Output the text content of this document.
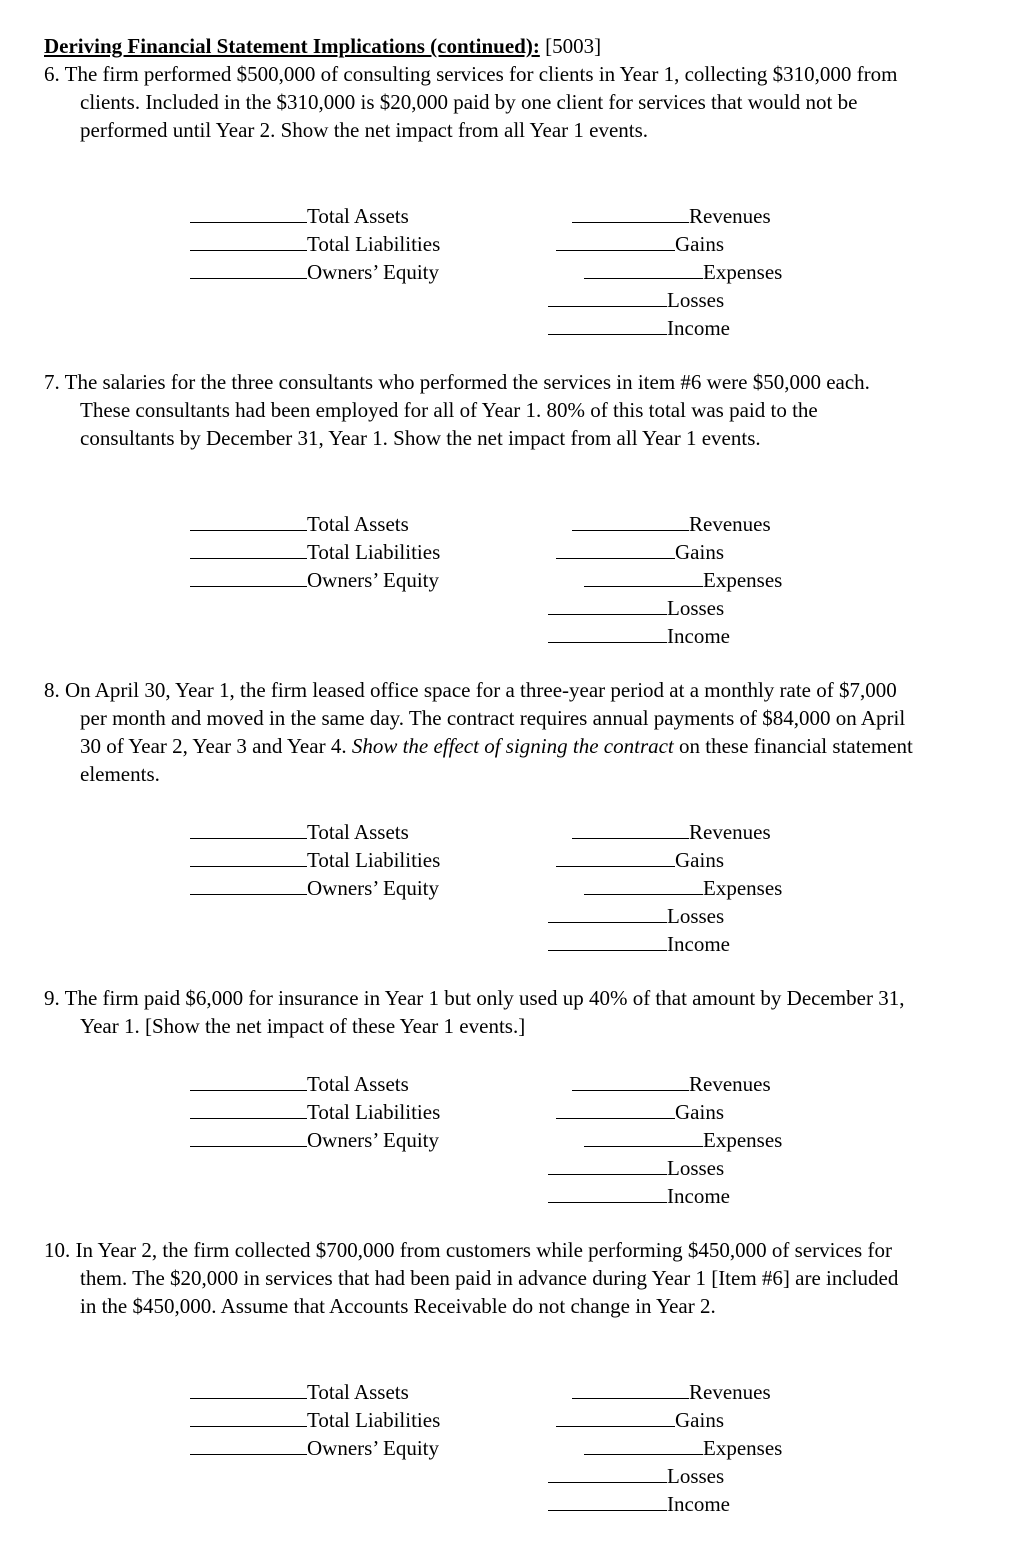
Deriving Financial Statement Implications (continued): [5003]
6. The firm performed $500,000 of consulting services for clients in Year 1, collecting $310,000 from clients. Included in the $310,000 is $20,000 paid by one client for services that would not be performed until Year 2. Show the net impact from all Year 1 events.
7. The salaries for the three consultants who performed the services in item #6 were $50,000 each. These consultants had been employed for all of Year 1. 80% of this total was paid to the consultants by December 31, Year 1. Show the net impact from all Year 1 events.
8. On April 30, Year 1, the firm leased office space for a three-year period at a monthly rate of $7,000 per month and moved in the same day. The contract requires annual payments of $84,000 on April 30 of Year 2, Year 3 and Year 4. Show the effect of signing the contract on these financial statement elements.
9. The firm paid $6,000 for insurance in Year 1 but only used up 40% of that amount by December 31, Year 1. [Show the net impact of these Year 1 events.]
10. In Year 2, the firm collected $700,000 from customers while performing $450,000 of services for them. The $20,000 in services that had been paid in advance during Year 1 [Item #6] are included in the $450,000. Assume that Accounts Receivable do not change in Year 2.
Total Assets
Total Liabilities
Owners’ Equity
Revenues
Gains
Expenses
Losses
Income
Total Assets
Total Liabilities
Owners’ Equity
Revenues
Gains
Expenses
Losses
Income
Total Assets
Total Liabilities
Owners’ Equity
Revenues
Gains
Expenses
Losses
Income
Total Assets
Total Liabilities
Owners’ Equity
Revenues
Gains
Expenses
Losses
Income
Total Assets
Total Liabilities
Owners’ Equity
Revenues
Gains
Expenses
Losses
Income
